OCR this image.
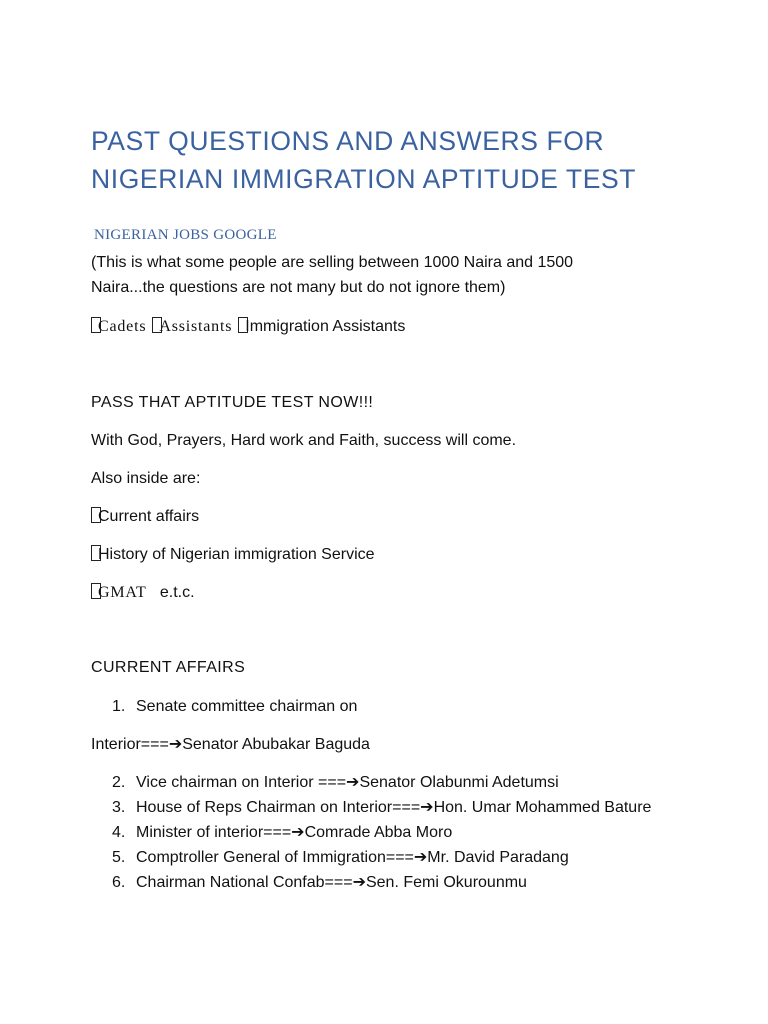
PAST QUESTIONS AND ANSWERS FOR
NIGERIAN IMMIGRATION APTITUDE TEST
NIGERIAN JOBS GOOGLE
(This is what some people are selling between 1000 Naira and 1500
Naira...the questions are not many but do not ignore them)
Cadets Assistants Immigration Assistants
PASS THAT APTITUDE TEST NOW!!!
With God, Prayers, Hard work and Faith, success will come.
Also inside are:
Current affairs
History of Nigerian immigration Service
GMAT e.t.c.
CURRENT AFFAIRS
1. Senate committee chairman on
Interior===➔Senator Abubakar Baguda
2. Vice chairman on Interior ===➔Senator Olabunmi Adetumsi
3. House of Reps Chairman on Interior===➔Hon. Umar Mohammed Bature
4. Minister of interior===➔Comrade Abba Moro
5. Comptroller General of Immigration===➔Mr. David Paradang
6. Chairman National Confab===➔Sen. Femi Okurounmu
